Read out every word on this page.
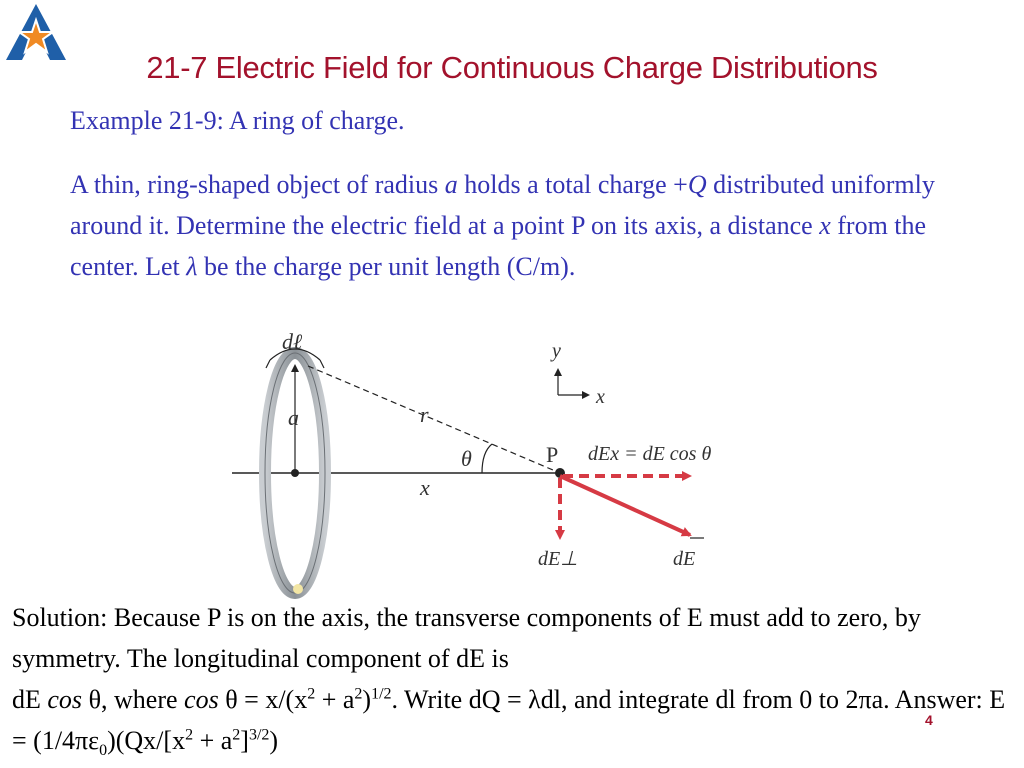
21-7 Electric Field for Continuous Charge Distributions
Example 21-9: A ring of charge.
A thin, ring-shaped object of radius a holds a total charge +Q distributed uniformly around it. Determine the electric field at a point P on its axis, a distance x from the center. Let λ be the charge per unit length (C/m).
dℓ
a	r
θ
x
P
y
x
dEx = dE cos θ
dE⊥	dE
Solution: Because P is on the axis, the transverse components of E must add to zero, by symmetry. The longitudinal component of dE is
dE cos θ, where $\cos \theta = x/(x^2 + a^2)^{1/2}$. Write dQ = λdl, and integrate dl from 0 to 2πa. Answer: $E = (1/4\pi\varepsilon_0)(Qx/[x^2 + a^2]^{3/2})$
4
